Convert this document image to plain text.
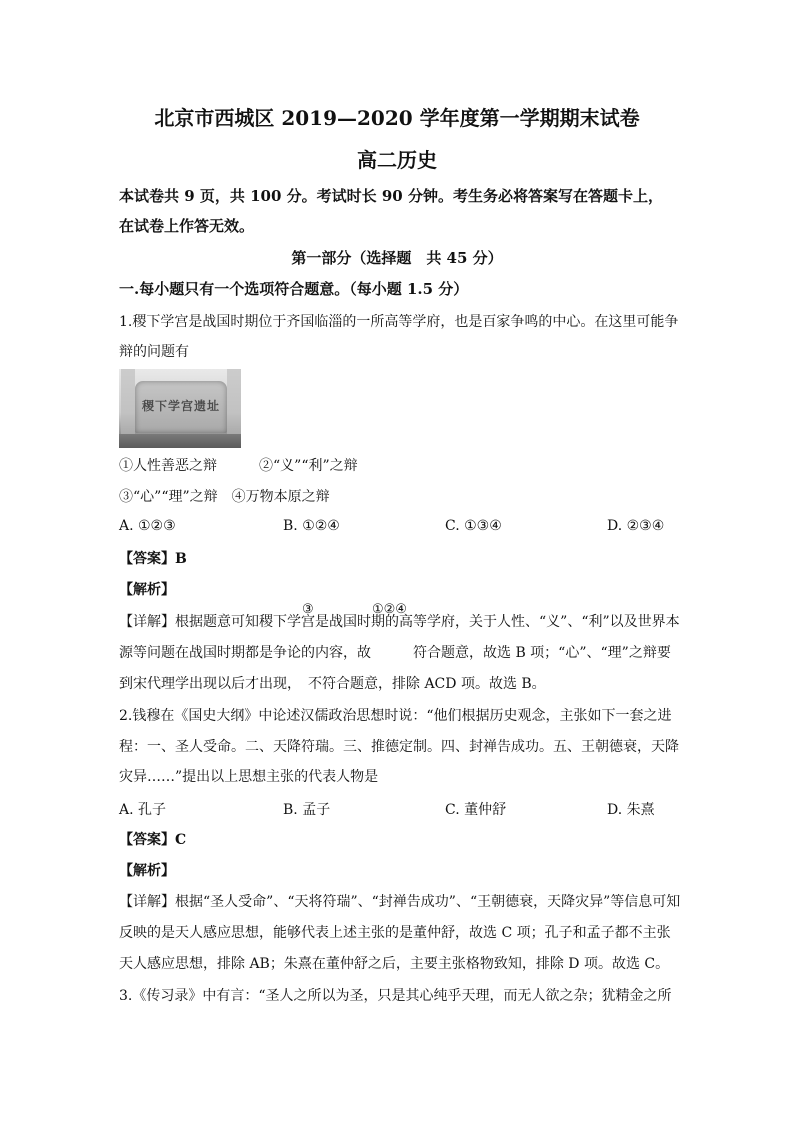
北京市西城区 2019—2020 学年度第一学期期末试卷
高二历史
本试卷共 9 页，共 100 分。考试时长 90 分钟。考生务必将答案写在答题卡上，
在试卷上作答无效。
第一部分（选择题　共 45 分）
一.每小题只有一个选项符合题意。（每小题 1.5 分）
1.稷下学宫是战国时期位于齐国临淄的一所高等学府，也是百家争鸣的中心。在这里可能争
辩的问题有
稷下学宫遗址
①人性善恶之辩　　　②“义”“利”之辩
③“心”“理”之辩　④万物本原之辩
A. ①②③	B. ①②④	C. ①③④	D. ②③④
【答案】B
【解析】
③	①②④
【详解】根据题意可知稷下学宫是战国时期的高等学府，关于人性、“义”、“利”以及世界本
源等问题在战国时期都是争论的内容，故　　　符合题意，故选 B 项；“心”、“理”之辩要
到宋代理学出现以后才出现，　不符合题意，排除 ACD 项。故选 B。
2.钱穆在《国史大纲》中论述汉儒政治思想时说：“他们根据历史观念，主张如下一套之进
程：一、圣人受命。二、天降符瑞。三、推德定制。四、封禅告成功。五、王朝德衰，天降
灾异……”提出以上思想主张的代表人物是
A. 孔子	B. 孟子	C. 董仲舒	D. 朱熹
【答案】C
【解析】
【详解】根据“圣人受命”、“天将符瑞”、“封禅告成功”、“王朝德衰，天降灾异”等信息可知
反映的是天人感应思想，能够代表上述主张的是董仲舒，故选 C 项；孔子和孟子都不主张
天人感应思想，排除 AB；朱熹在董仲舒之后，主要主张格物致知，排除 D 项。故选 C。
3.《传习录》中有言：“圣人之所以为圣，只是其心纯乎天理，而无人欲之杂；犹精金之所
